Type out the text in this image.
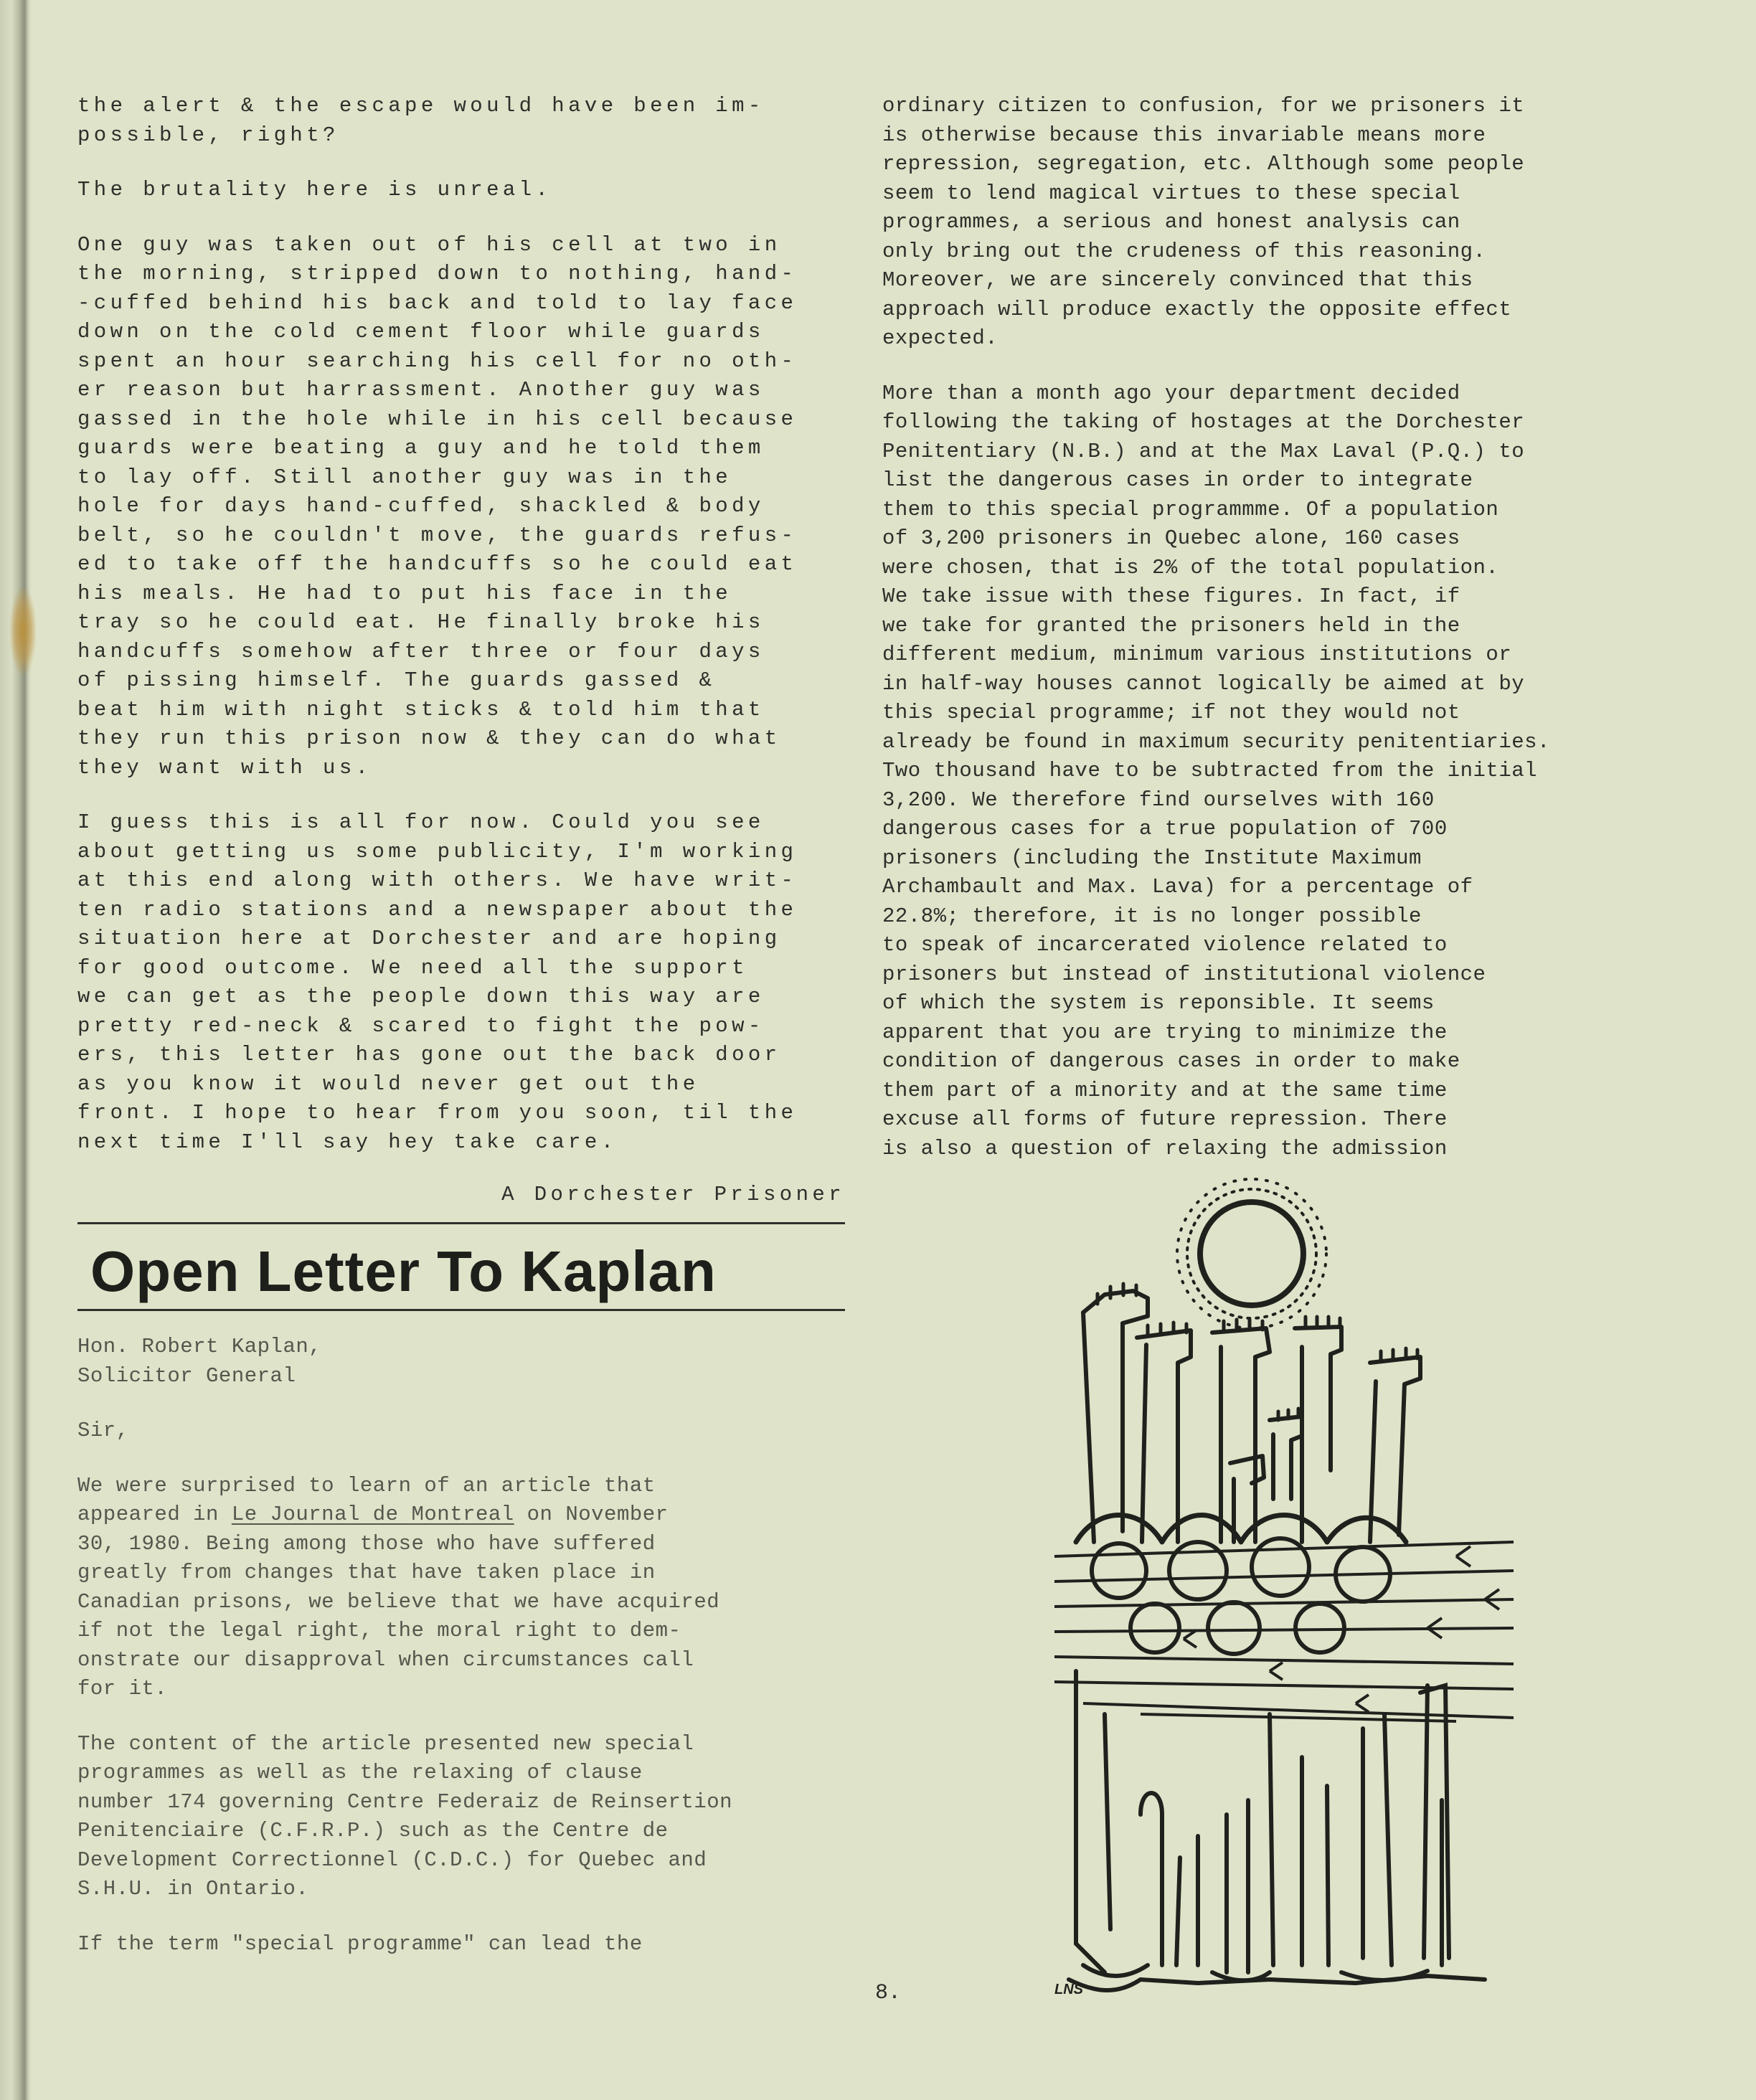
the alert & the escape would have been im-
possible, right?

The brutality here is unreal.

One guy was taken out of his cell at two in
the morning, stripped down to nothing, hand-
-cuffed behind his back and told to lay face
down on the cold cement floor while guards
spent an hour searching his cell for no oth-
er reason but harrassment. Another guy was
gassed in the hole while in his cell because
guards were beating a guy and he told them
to lay off. Still another guy was in the
hole for days hand-cuffed, shackled & body
belt, so he couldn't move, the guards refus-
ed to take off the handcuffs so he could eat
his meals. He had to put his face in the
tray so he could eat. He finally broke his
handcuffs somehow after three or four days
of pissing himself. The guards gassed &
beat him with night sticks & told him that
they run this prison now & they can do what
they want with us.

I guess this is all for now. Could you see
about getting us some publicity, I'm working
at this end along with others. We have writ-
ten radio stations and a newspaper about the
situation here at Dorchester and are hoping
for good outcome. We need all the support
we can get as the people down this way are
pretty red-neck & scared to fight the pow-
ers, this letter has gone out the back door
as you know it would never get out the
front. I hope to hear from you soon, til the
next time I'll say hey take care.

A Dorchester Prisoner

Open Letter To Kaplan

Hon. Robert Kaplan,
Solicitor General

Sir,

We were surprised to learn of an article that
appeared in Le Journal de Montreal on November
30, 1980. Being among those who have suffered
greatly from changes that have taken place in
Canadian prisons, we believe that we have acquired
if not the legal right, the moral right to dem-
onstrate our disapproval when circumstances call
for it.

The content of the article presented new special
programmes as well as the relaxing of clause
number 174 governing Centre Federaiz de Reinsertion
Penitenciaire (C.F.R.P.) such as the Centre de
Development Correctionnel (C.D.C.) for Quebec and
S.H.U. in Ontario.

If the term "special programme" can lead the

ordinary citizen to confusion, for we prisoners it
is otherwise because this invariable means more
repression, segregation, etc. Although some people
seem to lend magical virtues to these special
programmes, a serious and honest analysis can
only bring out the crudeness of this reasoning.
Moreover, we are sincerely convinced that this
approach will produce exactly the opposite effect
expected.

More than a month ago your department decided
following the taking of hostages at the Dorchester
Penitentiary (N.B.) and at the Max Laval (P.Q.) to
list the dangerous cases in order to integrate
them to this special programmme. Of a population
of 3,200 prisoners in Quebec alone, 160 cases
were chosen, that is 2% of the total population.
We take issue with these figures. In fact, if
we take for granted the prisoners held in the
different medium, minimum various institutions or
in half-way houses cannot logically be aimed at by
this special programme; if not they would not
already be found in maximum security penitentiaries.
Two thousand have to be subtracted from the initial
3,200. We therefore find ourselves with 160
dangerous cases for a true population of 700
prisoners (including the Institute Maximum
Archambault and Max. Lava) for a percentage of
22.8%; therefore, it is no longer possible
to speak of incarcerated violence related to
prisoners but instead of institutional violence
of which the system is reponsible. It seems
apparent that you are trying to minimize the
condition of dangerous cases in order to make
them part of a minority and at the same time
excuse all forms of future repression. There
is also a question of relaxing the admission

LNS
8.
